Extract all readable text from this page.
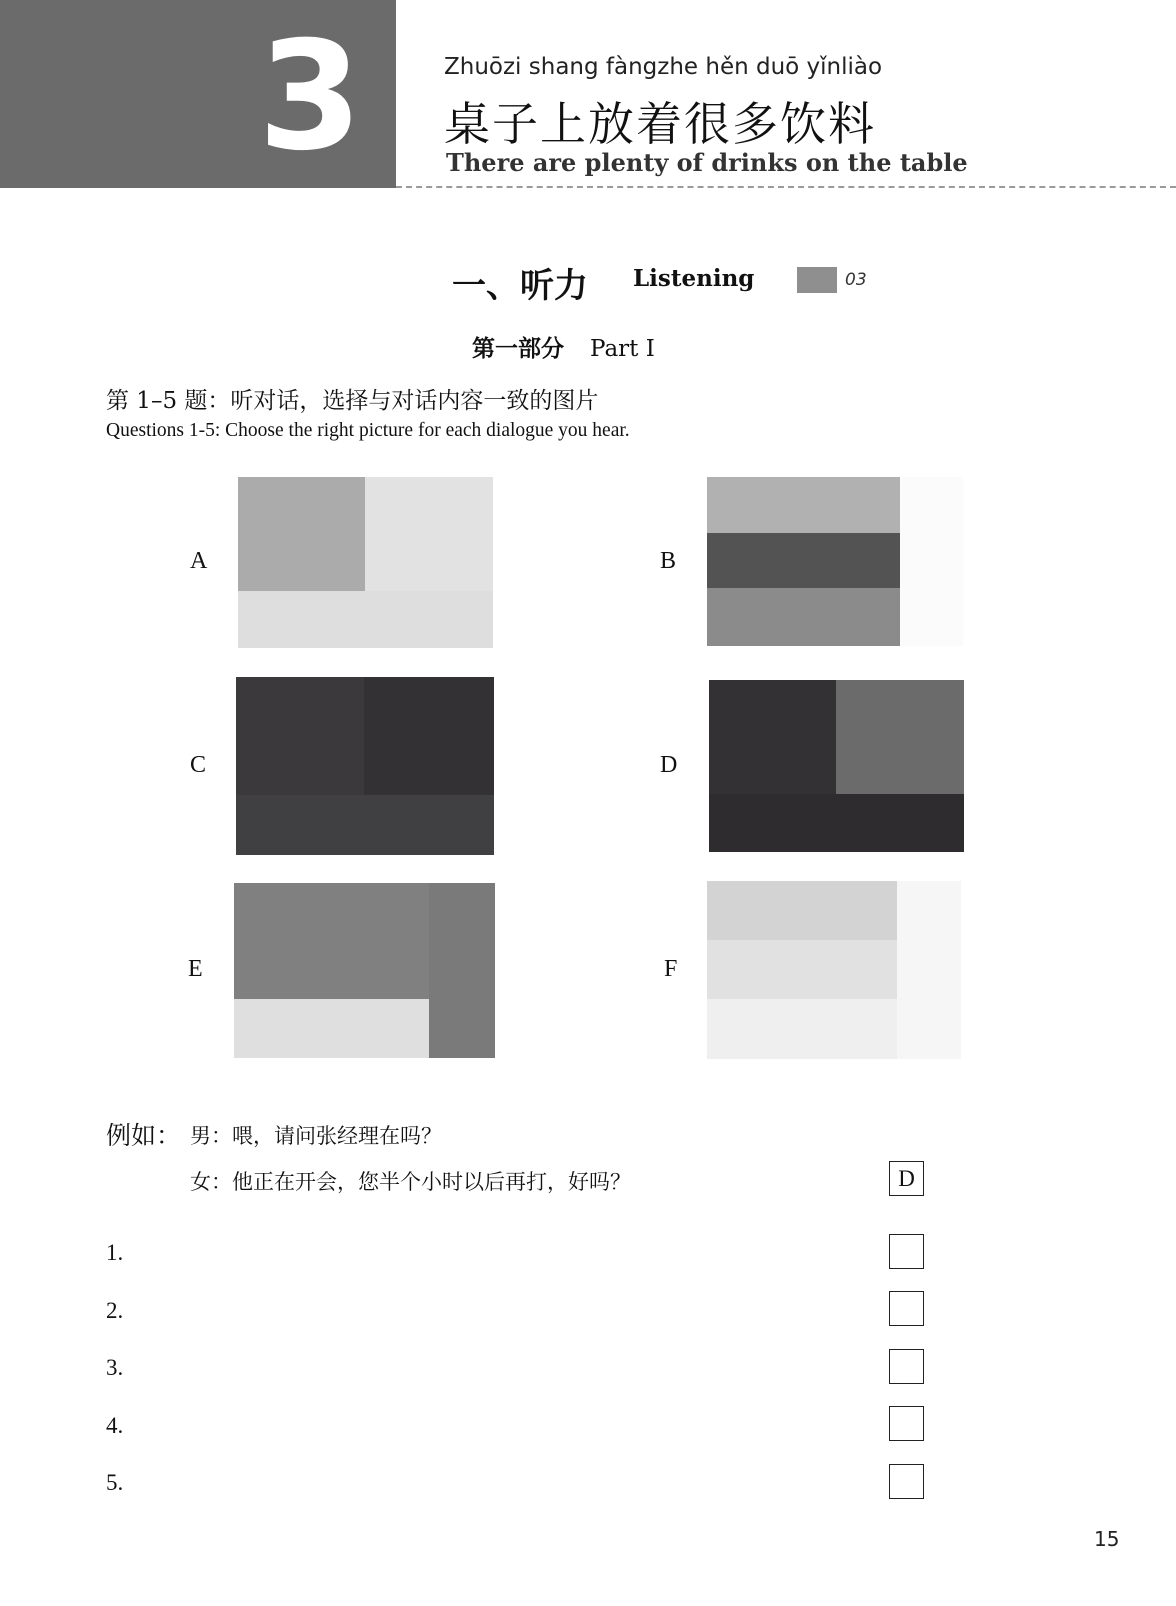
3	Zhuōzi shang fàngzhe hěn duō yǐnliào
桌子上放着很多饮料
There are plenty of drinks on the table
一、听力 Listening	03
第一部分 Part Ⅰ
第 1–5 题：听对话，选择与对话内容一致的图片
Questions 1-5: Choose the right picture for each dialogue you hear.
A	B
C	D
E	F
例如： 男：喂，请问张经理在吗？
女：他正在开会，您半个小时以后再打，好吗？	D
1.
2.
3.
4.
5.
15
